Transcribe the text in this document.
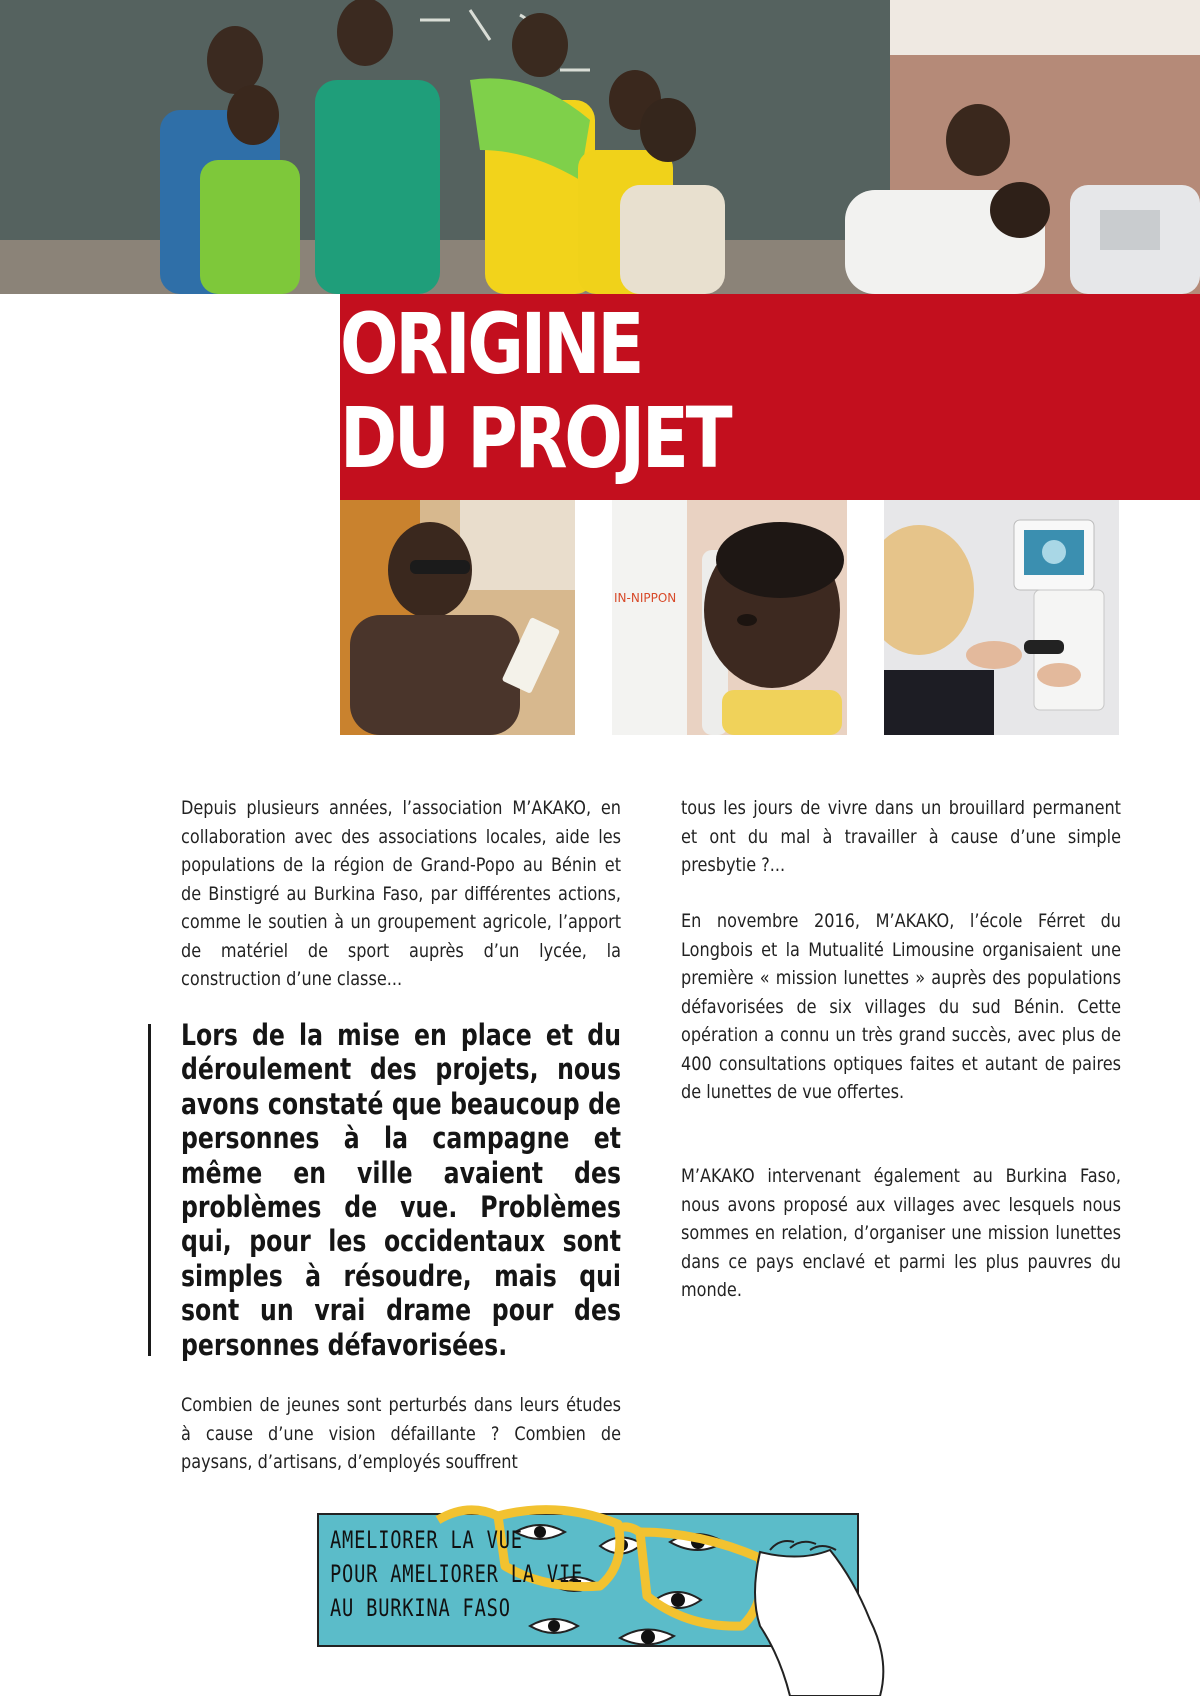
ORIGINE
DU PROJET
IN-NIPPON

Depuis plusieurs années, l’association M’AKAKO, en collaboration avec des associations locales, aide les populations de la région de Grand-Popo au Bénin et de Binstigré au Burkina Faso, par différentes actions, comme le soutien à un groupement agricole, l’apport de matériel de sport auprès d’un lycée, la construction d’une classe...

Lors de la mise en place et du déroulement des projets, nous avons constaté que beaucoup de personnes à la campagne et même en ville avaient des problèmes de vue. Problèmes qui, pour les occidentaux sont simples à résoudre, mais qui sont un vrai drame pour des personnes défavorisées.

Combien de jeunes sont perturbés dans leurs études à cause d’une vision défaillante ? Combien de paysans, d’artisans, d’employés souffrent

tous les jours de vivre dans un brouillard permanent et ont du mal à travailler à cause d’une simple presbytie ?...

En novembre 2016, M’AKAKO, l’école Férret du Longbois et la Mutualité Limousine organisaient une première « mission lunettes » auprès des populations défavorisées de six villages du sud Bénin. Cette opération a connu un très grand succès, avec plus de 400 consultations optiques faites et autant de paires de lunettes de vue offertes.

M’AKAKO intervenant également au Burkina Faso, nous avons proposé aux villages avec lesquels nous sommes en relation, d’organiser une mission lunettes dans ce pays enclavé et parmi les plus pauvres du monde.

AMELIORER LA VUE
POUR AMELIORER LA VIE
AU BURKINA FASO
